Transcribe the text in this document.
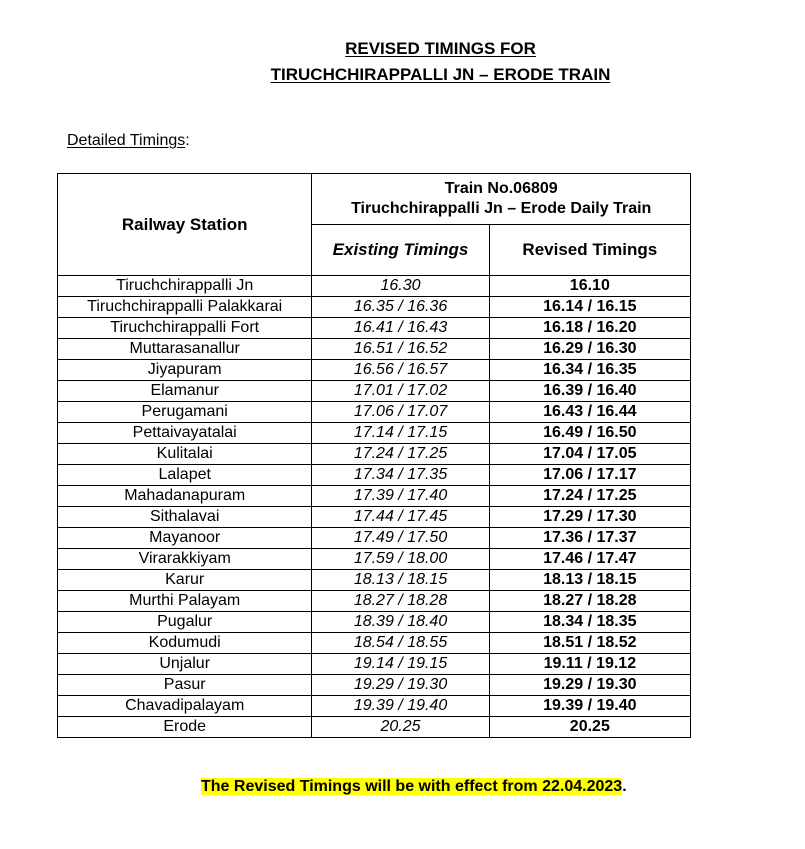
REVISED TIMINGS FOR
TIRUCHCHIRAPPALLI JN – ERODE TRAIN
Detailed Timings:
Railway Station	Train No.06809
Tiruchchirappalli Jn – Erode Daily Train	

	Existing Timings	Revised Timings
Tiruchchirappalli Jn	16.30	16.10
Tiruchchirappalli Palakkarai	16.35 / 16.36	16.14 / 16.15
Tiruchchirappalli Fort	16.41 / 16.43	16.18 / 16.20
Muttarasanallur	16.51 / 16.52	16.29 / 16.30
Jiyapuram	16.56 / 16.57	16.34 / 16.35
Elamanur	17.01 / 17.02	16.39 / 16.40
Perugamani	17.06 / 17.07	16.43 / 16.44
Pettaivayatalai	17.14 / 17.15	16.49 / 16.50
Kulitalai	17.24 / 17.25	17.04 / 17.05
Lalapet	17.34 / 17.35	17.06 / 17.17
Mahadanapuram	17.39 / 17.40	17.24 / 17.25
Sithalavai	17.44 / 17.45	17.29 / 17.30
Mayanoor	17.49 / 17.50	17.36 / 17.37
Virarakkiyam	17.59 / 18.00	17.46 / 17.47
Karur	18.13 / 18.15	18.13 / 18.15
Murthi Palayam	18.27 / 18.28	18.27 / 18.28
Pugalur	18.39 / 18.40	18.34 / 18.35
Kodumudi	18.54 / 18.55	18.51 / 18.52
Unjalur	19.14 / 19.15	19.11 / 19.12
Pasur	19.29 / 19.30	19.29 / 19.30
Chavadipalayam	19.39 / 19.40	19.39 / 19.40
Erode	20.25	20.25
The Revised Timings will be with effect from 22.04.2023.
